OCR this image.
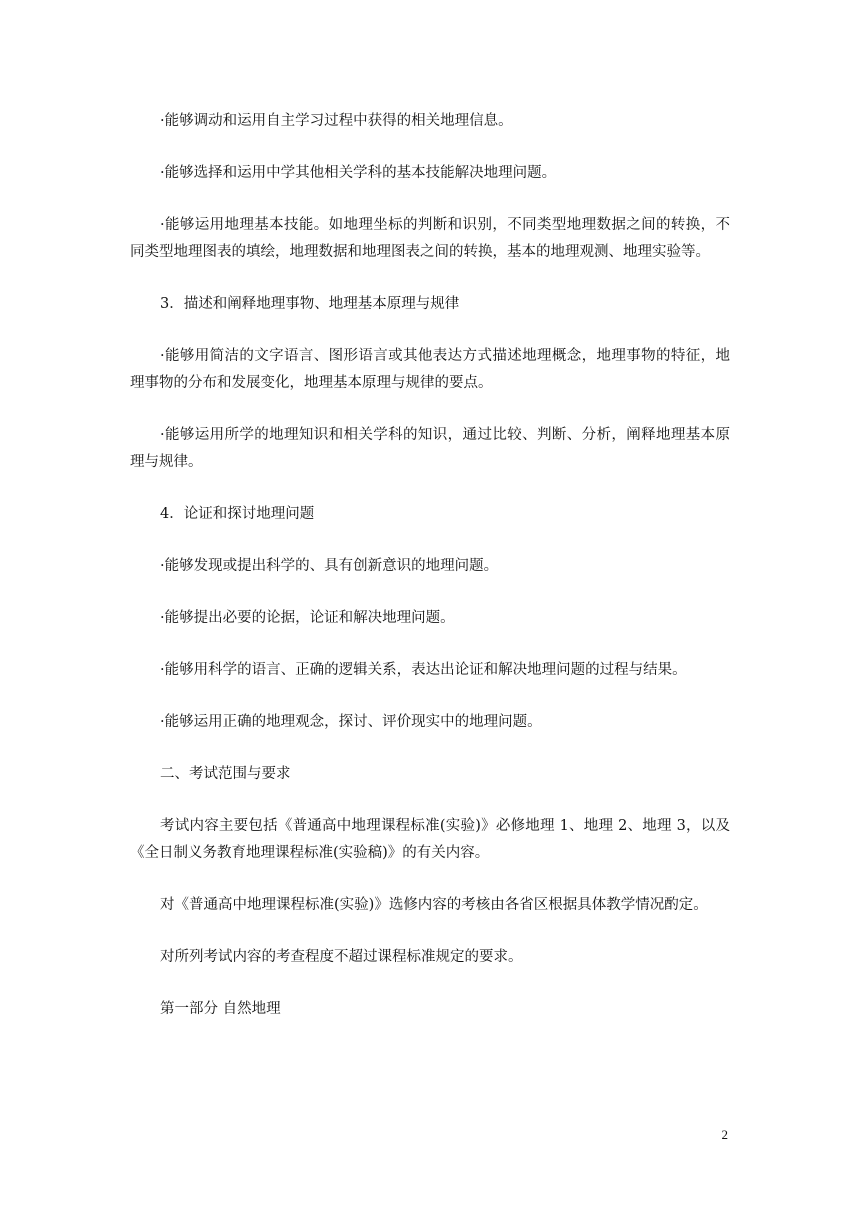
·能够调动和运用自主学习过程中获得的相关地理信息。

·能够选择和运用中学其他相关学科的基本技能解决地理问题。

·能够运用地理基本技能。如地理坐标的判断和识别，不同类型地理数据之间的转换，不同类型地理图表的填绘，地理数据和地理图表之间的转换，基本的地理观测、地理实验等。

3．描述和阐释地理事物、地理基本原理与规律

·能够用简洁的文字语言、图形语言或其他表达方式描述地理概念，地理事物的特征，地理事物的分布和发展变化，地理基本原理与规律的要点。

·能够运用所学的地理知识和相关学科的知识，通过比较、判断、分析，阐释地理基本原理与规律。

4．论证和探讨地理问题

·能够发现或提出科学的、具有创新意识的地理问题。

·能够提出必要的论据，论证和解决地理问题。

·能够用科学的语言、正确的逻辑关系，表达出论证和解决地理问题的过程与结果。

·能够运用正确的地理观念，探讨、评价现实中的地理问题。

二、考试范围与要求

考试内容主要包括《普通高中地理课程标准(实验)》必修地理 1、地理 2、地理 3，以及《全日制义务教育地理课程标准(实验稿)》的有关内容。

对《普通高中地理课程标准(实验)》选修内容的考核由各省区根据具体教学情况酌定。

对所列考试内容的考查程度不超过课程标准规定的要求。

第一部分 自然地理

2
